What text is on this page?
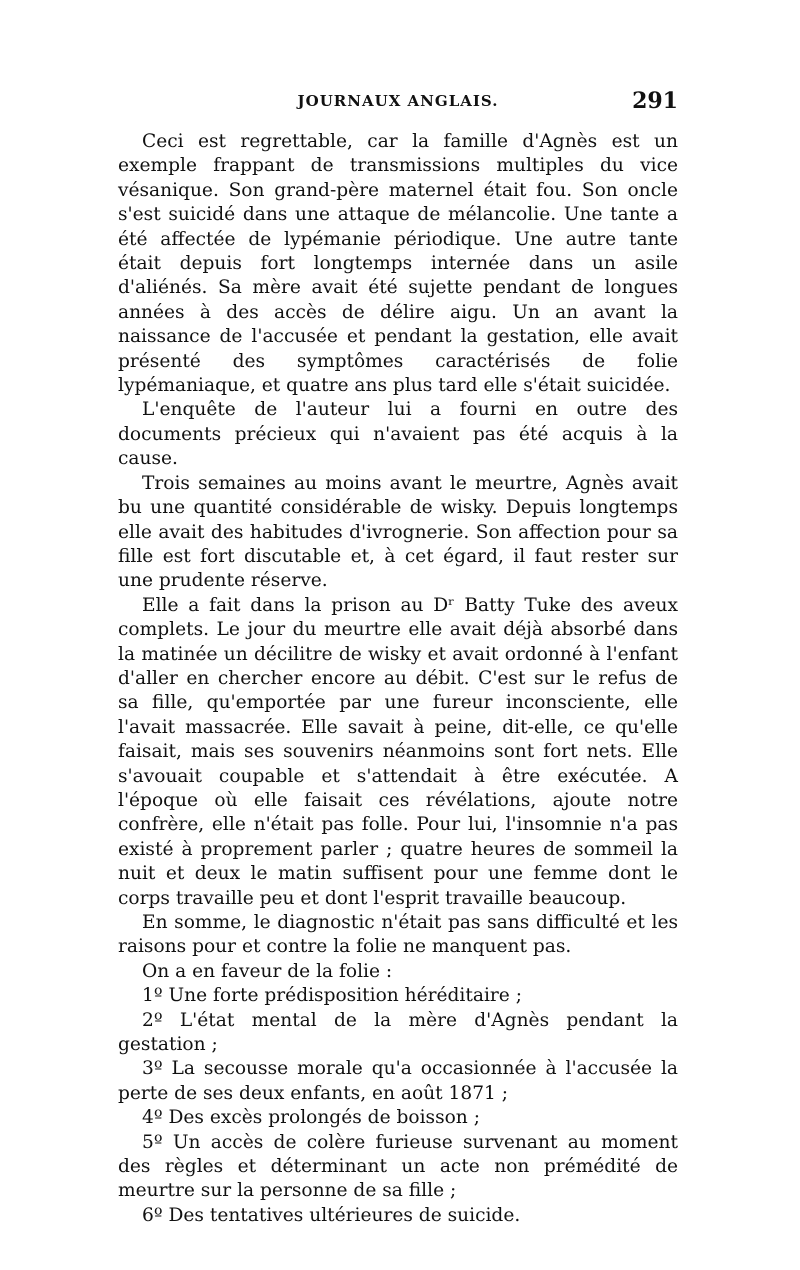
JOURNAUX ANGLAIS.	291

Ceci est regrettable, car la famille d'Agnès est un exemple frappant de transmissions multiples du vice vésanique. Son grand-père maternel était fou. Son oncle s'est suicidé dans une attaque de mélancolie. Une tante a été affectée de lypémanie périodique. Une autre tante était depuis fort longtemps internée dans un asile d'aliénés. Sa mère avait été sujette pendant de longues années à des accès de délire aigu. Un an avant la naissance de l'accusée et pendant la gestation, elle avait présenté des symptômes caractérisés de folie lypémaniaque, et quatre ans plus tard elle s'était suicidée.

L'enquête de l'auteur lui a fourni en outre des documents précieux qui n'avaient pas été acquis à la cause.

Trois semaines au moins avant le meurtre, Agnès avait bu une quantité considérable de wisky. Depuis longtemps elle avait des habitudes d'ivrognerie. Son affection pour sa fille est fort discutable et, à cet égard, il faut rester sur une prudente réserve.

Elle a fait dans la prison au Dʳ Batty Tuke des aveux complets. Le jour du meurtre elle avait déjà absorbé dans la matinée un décilitre de wisky et avait ordonné à l'enfant d'aller en chercher encore au débit. C'est sur le refus de sa fille, qu'emportée par une fureur inconsciente, elle l'avait massacrée. Elle savait à peine, dit-elle, ce qu'elle faisait, mais ses souvenirs néanmoins sont fort nets. Elle s'avouait coupable et s'attendait à être exécutée. A l'époque où elle faisait ces révélations, ajoute notre confrère, elle n'était pas folle. Pour lui, l'insomnie n'a pas existé à proprement parler ; quatre heures de sommeil la nuit et deux le matin suffisent pour une femme dont le corps travaille peu et dont l'esprit travaille beaucoup.

En somme, le diagnostic n'était pas sans difficulté et les raisons pour et contre la folie ne manquent pas.

On a en faveur de la folie :

1º Une forte prédisposition héréditaire ;

2º L'état mental de la mère d'Agnès pendant la gestation ;

3º La secousse morale qu'a occasionnée à l'accusée la perte de ses deux enfants, en août 1871 ;

4º Des excès prolongés de boisson ;

5º Un accès de colère furieuse survenant au moment des règles et déterminant un acte non prémédité de meurtre sur la personne de sa fille ;

6º Des tentatives ultérieures de suicide.
